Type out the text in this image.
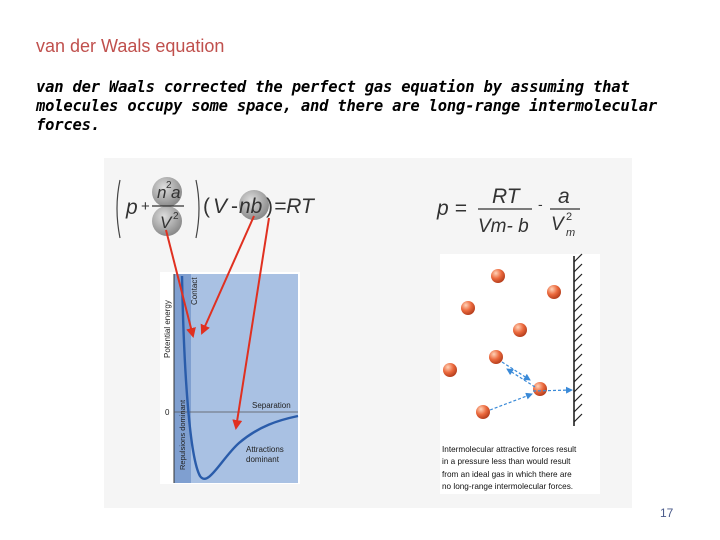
van der Waals equation
van der Waals corrected the perfect gas equation by assuming that
molecules occupy some space, and there are long-range intermolecular
forces.
p +
n 2 a
V 2 ( V - nb ) =RT	p =
RT
Vm- b
- a
V m
2
Potential energy
Contact
0 Repulsions dominant	Separation
Attractions
dominant
Intermolecular attractive forces result
in a pressure less than would result
from an ideal gas in which there are
no long-range intermolecular forces.
17
